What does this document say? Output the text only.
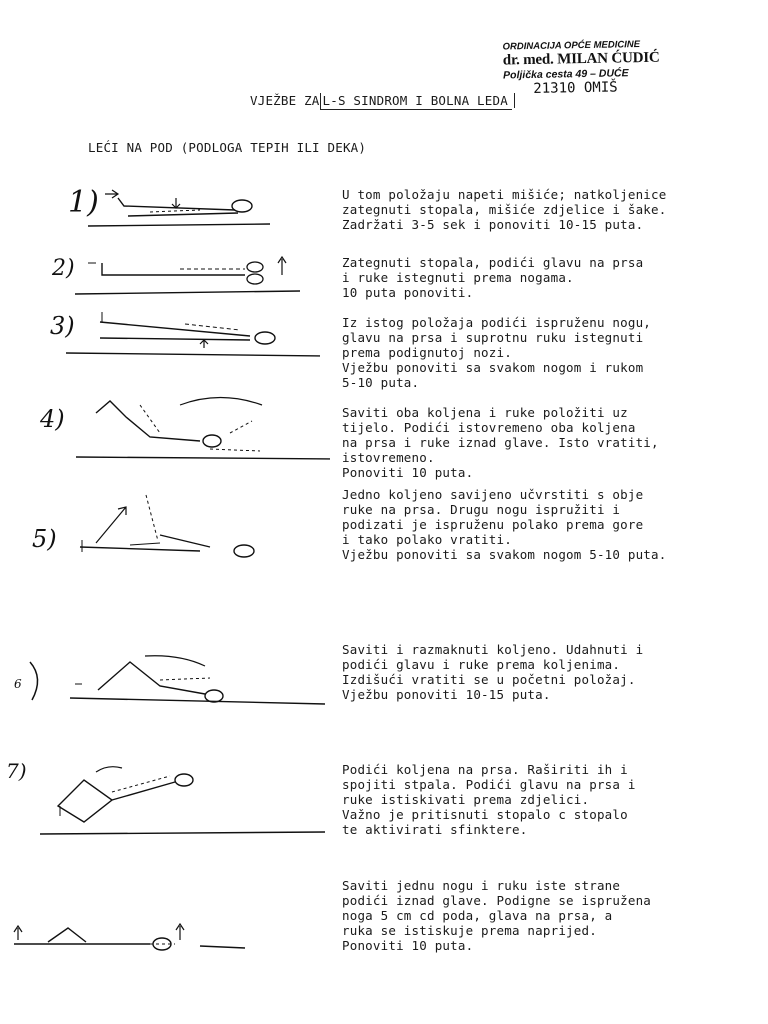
ORDINACIJA OPĆE MEDICINE
dr. med. MILAN ĆUDIĆ
Poljička cesta 49 – DUĆE
21310 OMIŠ
VJEŽBE ZA L-S SINDROM I BOLNA LEDA
LEĆI NA POD (PODLOGA TEPIH ILI DEKA)
1)	U tom položaju napeti mišiće; natkoljenice
zategnuti stopala, mišiće zdjelice i šake.
Zadržati 3-5 sek i ponoviti 10-15 puta.
2)	Zategnuti stopala, podići glavu na prsa
i ruke istegnuti prema nogama.
10 puta ponoviti.
3)	Iz istog položaja podići ispruženu nogu,
glavu na prsa i suprotnu ruku istegnuti
prema podignutoj nozi.
Vježbu ponoviti sa svakom nogom i rukom
5-10 puta.
4)	Saviti oba koljena i ruke položiti uz
tijelo. Podići istovremeno oba koljena
na prsa i ruke iznad glave. Isto vratiti,
istovremeno.
Ponoviti 10 puta.
5)
Jedno koljeno savijeno učvrstiti s obje
ruke na prsa. Drugu nogu ispružiti i
podizati je ispruženu polako prema gore
i tako polako vratiti.
Vježbu ponoviti sa svakom nogom 5-10 puta.
6
Saviti i razmaknuti koljeno. Udahnuti i
podići glavu i ruke prema koljenima.
Izdišući vratiti se u početni položaj.
Vježbu ponoviti 10-15 puta.
7)	Podići koljena na prsa. Raširiti ih i
spojiti stpala. Podići glavu na prsa i
ruke istiskivati prema zdjelici.
Važno je pritisnuti stopalo c stopalo
te aktivirati sfinktere.
Saviti jednu nogu i ruku iste strane
podići iznad glave. Podigne se ispružena
noga 5 cm cd poda, glava na prsa, a
ruka se istiskuje prema naprijed.
Ponoviti 10 puta.
